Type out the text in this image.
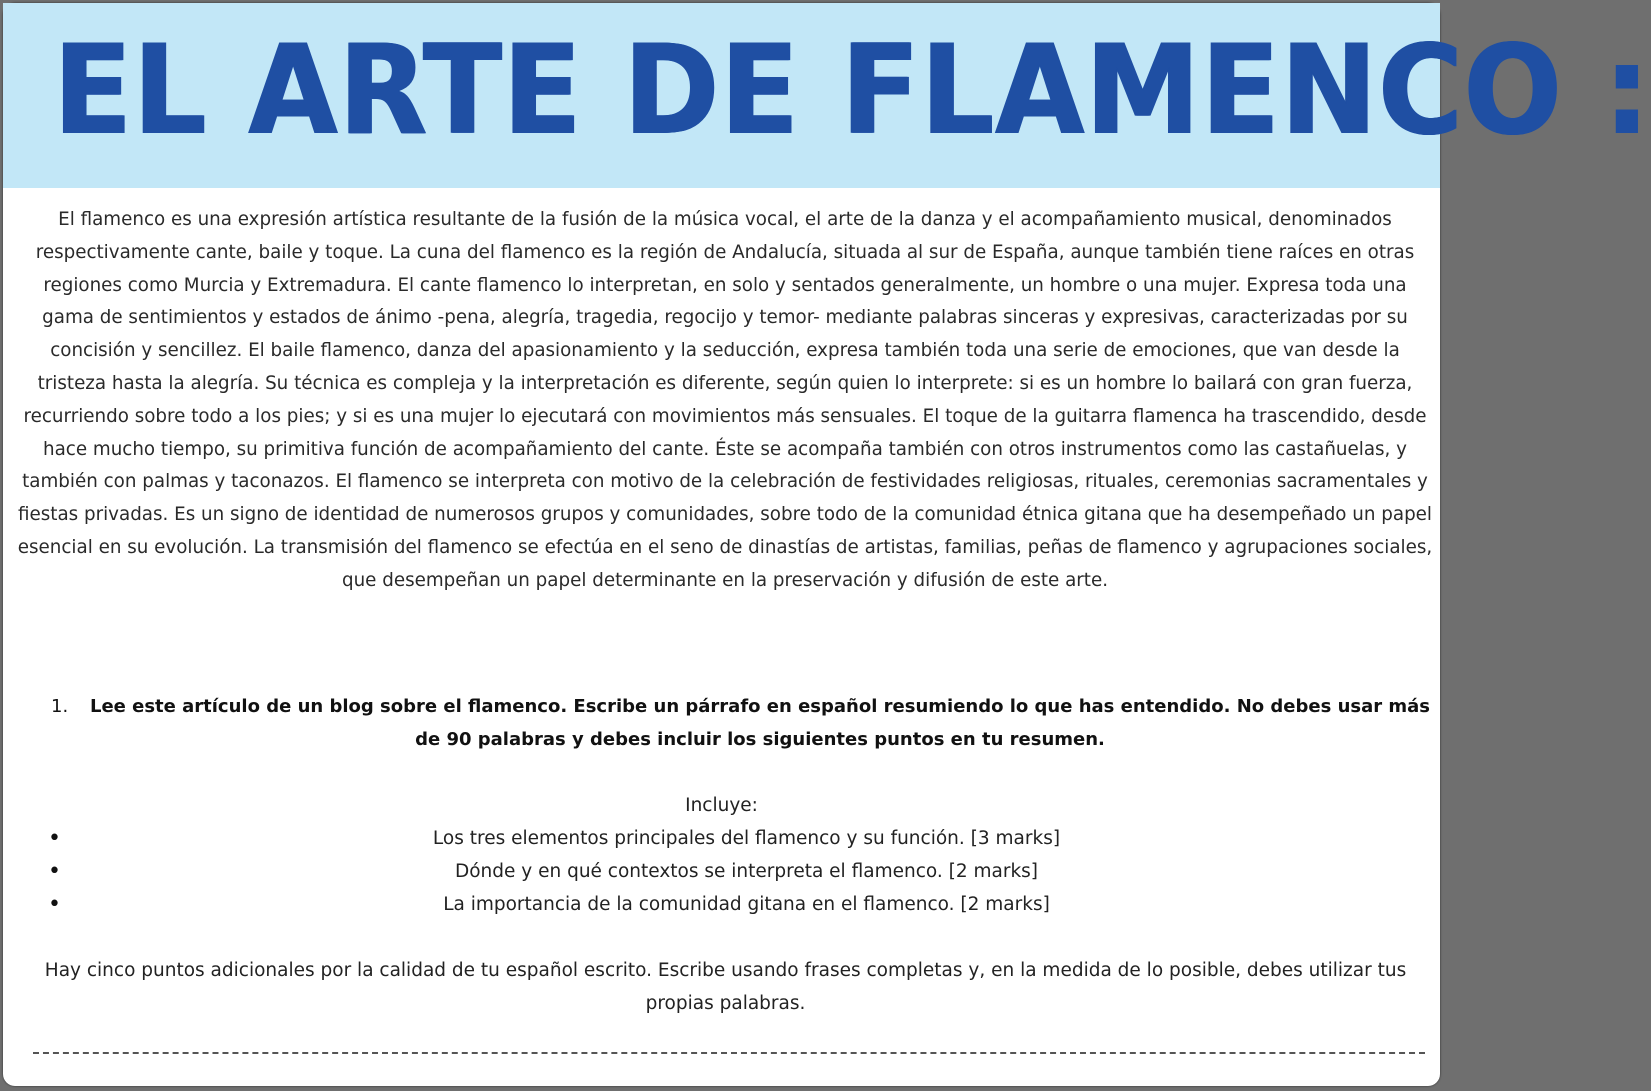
EL ARTE DE FLAMENCO :

El flamenco es una expresión artística resultante de la fusión de la música vocal, el arte de la danza y el acompañamiento musical, denominados respectivamente cante, baile y toque. La cuna del flamenco es la región de Andalucía, situada al sur de España, aunque también tiene raíces en otras regiones como Murcia y Extremadura. El cante flamenco lo interpretan, en solo y sentados generalmente, un hombre o una mujer. Expresa toda una gama de sentimientos y estados de ánimo -pena, alegría, tragedia, regocijo y temor- mediante palabras sinceras y expresivas, caracterizadas por su concisión y sencillez. El baile flamenco, danza del apasionamiento y la seducción, expresa también toda una serie de emociones, que van desde la tristeza hasta la alegría. Su técnica es compleja y la interpretación es diferente, según quien lo interprete: si es un hombre lo bailará con gran fuerza, recurriendo sobre todo a los pies; y si es una mujer lo ejecutará con movimientos más sensuales. El toque de la guitarra flamenca ha trascendido, desde hace mucho tiempo, su primitiva función de acompañamiento del cante. Éste se acompaña también con otros instrumentos como las castañuelas, y también con palmas y taconazos. El flamenco se interpreta con motivo de la celebración de festividades religiosas, rituales, ceremonias sacramentales y fiestas privadas. Es un signo de identidad de numerosos grupos y comunidades, sobre todo de la comunidad étnica gitana que ha desempeñado un papel esencial en su evolución. La transmisión del flamenco se efectúa en el seno de dinastías de artistas, familias, peñas de flamenco y agrupaciones sociales, que desempeñan un papel determinante en la preservación y difusión de este arte.

1.	Lee este artículo de un blog sobre el flamenco. Escribe un párrafo en español resumiendo lo que has entendido. No debes usar más de 90 palabras y debes incluir los siguientes puntos en tu resumen.
Incluye:
•	Los tres elementos principales del flamenco y su función. [3 marks]
•	Dónde y en qué contextos se interpreta el flamenco. [2 marks]
•	La importancia de la comunidad gitana en el flamenco. [2 marks]
Hay cinco puntos adicionales por la calidad de tu español escrito. Escribe usando frases completas y, en la medida de lo posible, debes utilizar tus propias palabras.
